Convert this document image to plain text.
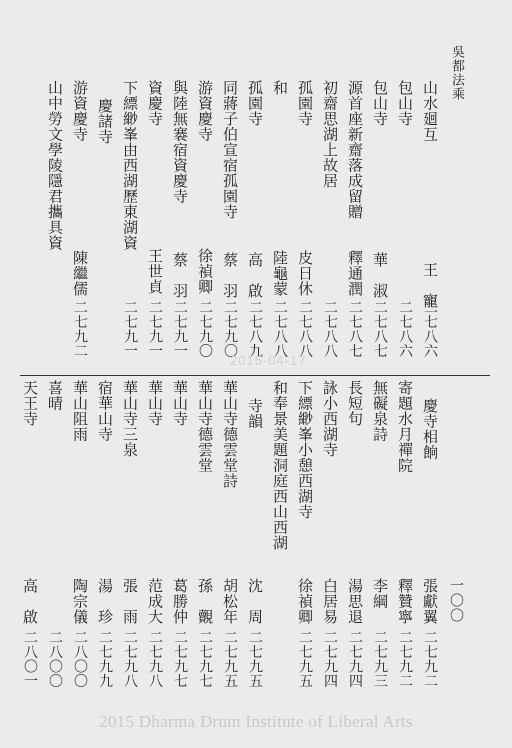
吳都法乘
一〇〇
山水廻互
王　寵
二七八六
包山寺
二七八六
包山寺
華　淑
二七八七
源首座新齋落成留贈
釋通潤
二七八七
初齋思湖上故居
二七八八
孤園寺
皮日休
二七八八
和
陸龜蒙
二七八八
孤園寺
高　啟
二七八九
同蔣子伯宣宿孤園寺
蔡　羽
二七九〇
游資慶寺
徐禎卿
二七九〇
與陸無褰宿資慶寺
蔡　羽
二七九一
資慶寺
王世貞
二七九一
下縹緲峯由西湖歷東湖資
二七九一
慶諸寺
游資慶寺
陳繼儒
二七九二
山中勞文學陵隱君攜具資
2015-04-17
慶寺相餉
張獻翼
二七九二
寄題水月禪院
釋贊寧
二七九二
無礙泉詩
李綱
二七九三
長短句
湯思退
二七九四
詠小西湖寺
白居易
二七九四
下縹緲峯小憩西湖寺
徐禎卿
二七九五
和奉景美題洞庭西山西湖
寺韻
沈　周
二七九五
華山寺德雲堂詩
胡松年
二七九五
華山寺德雲堂
孫　覿
二七九七
華山寺
葛勝仲
二七九七
華山寺
范成大
二七九八
華山寺三泉
張　雨
二七九八
宿華山寺
湯　珍
二七九九
華山阻雨
陶宗儀
二八〇〇
喜晴
二八〇〇
天王寺
高　啟
二八〇一
2015 Dharma Drum Institute of Liberal Arts
